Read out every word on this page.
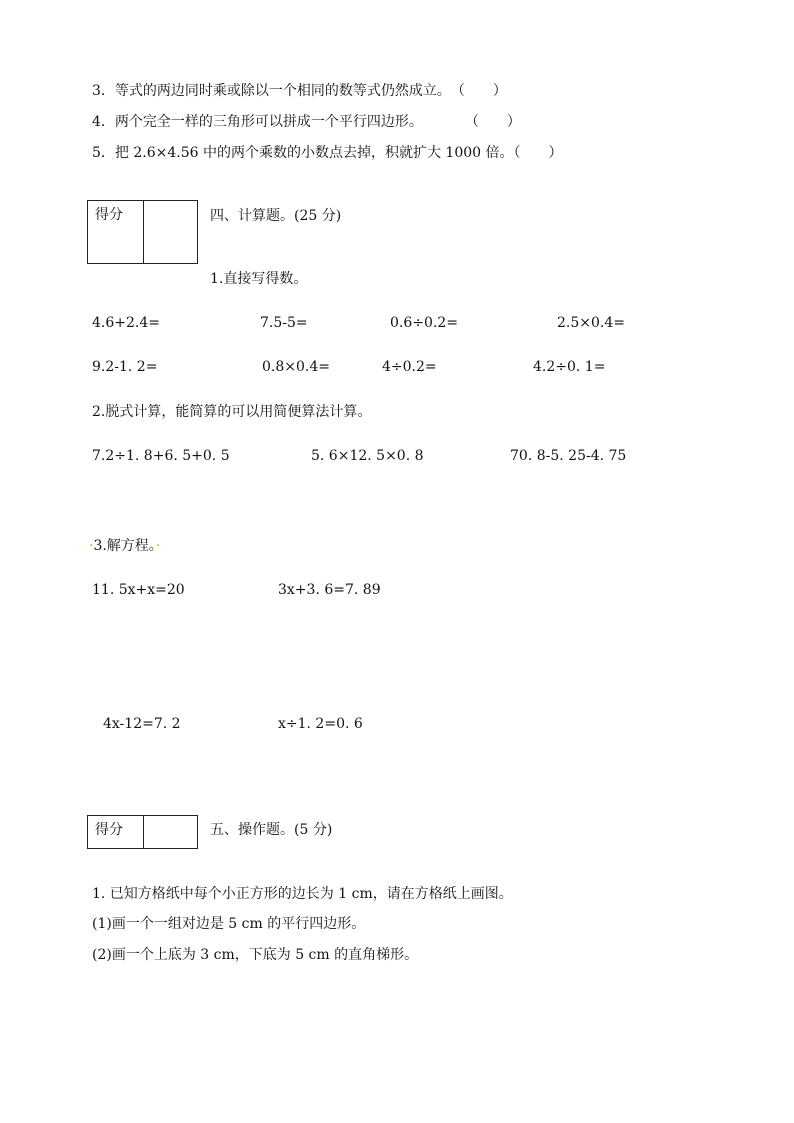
3．等式的两边同时乘或除以一个相同的数等式仍然成立。　（　　）
4．两个完全一样的三角形可以拼成一个平行四边形。　　　　（　　）
5．把 2.6×4.56 中的两个乘数的小数点去掉，积就扩大 1000 倍。（　　）
得分	四、计算题。(25 分)
1.直接写得数。
4.6+2.4=	7.5-5=	0.6÷0.2=	2.5×0.4=
9.2-1. 2=	0.8×0.4=	4÷0.2=	4.2÷0. 1=
2.脱式计算，能简算的可以用简便算法计算。
7.2÷1. 8+6. 5+0. 5	5. 6×12. 5×0. 8	70. 8-5. 25-4. 75
·3.解方程。·
11. 5x+x=20	3x+3. 6=7. 89
4x-12=7. 2	x÷1. 2=0. 6
得分	五、操作题。(5 分)
1. 已知方格纸中每个小正方形的边长为 1 cm，请在方格纸上画图。
(1)画一个一组对边是 5 cm 的平行四边形。
(2)画一个上底为 3 cm，下底为 5 cm 的直角梯形。
